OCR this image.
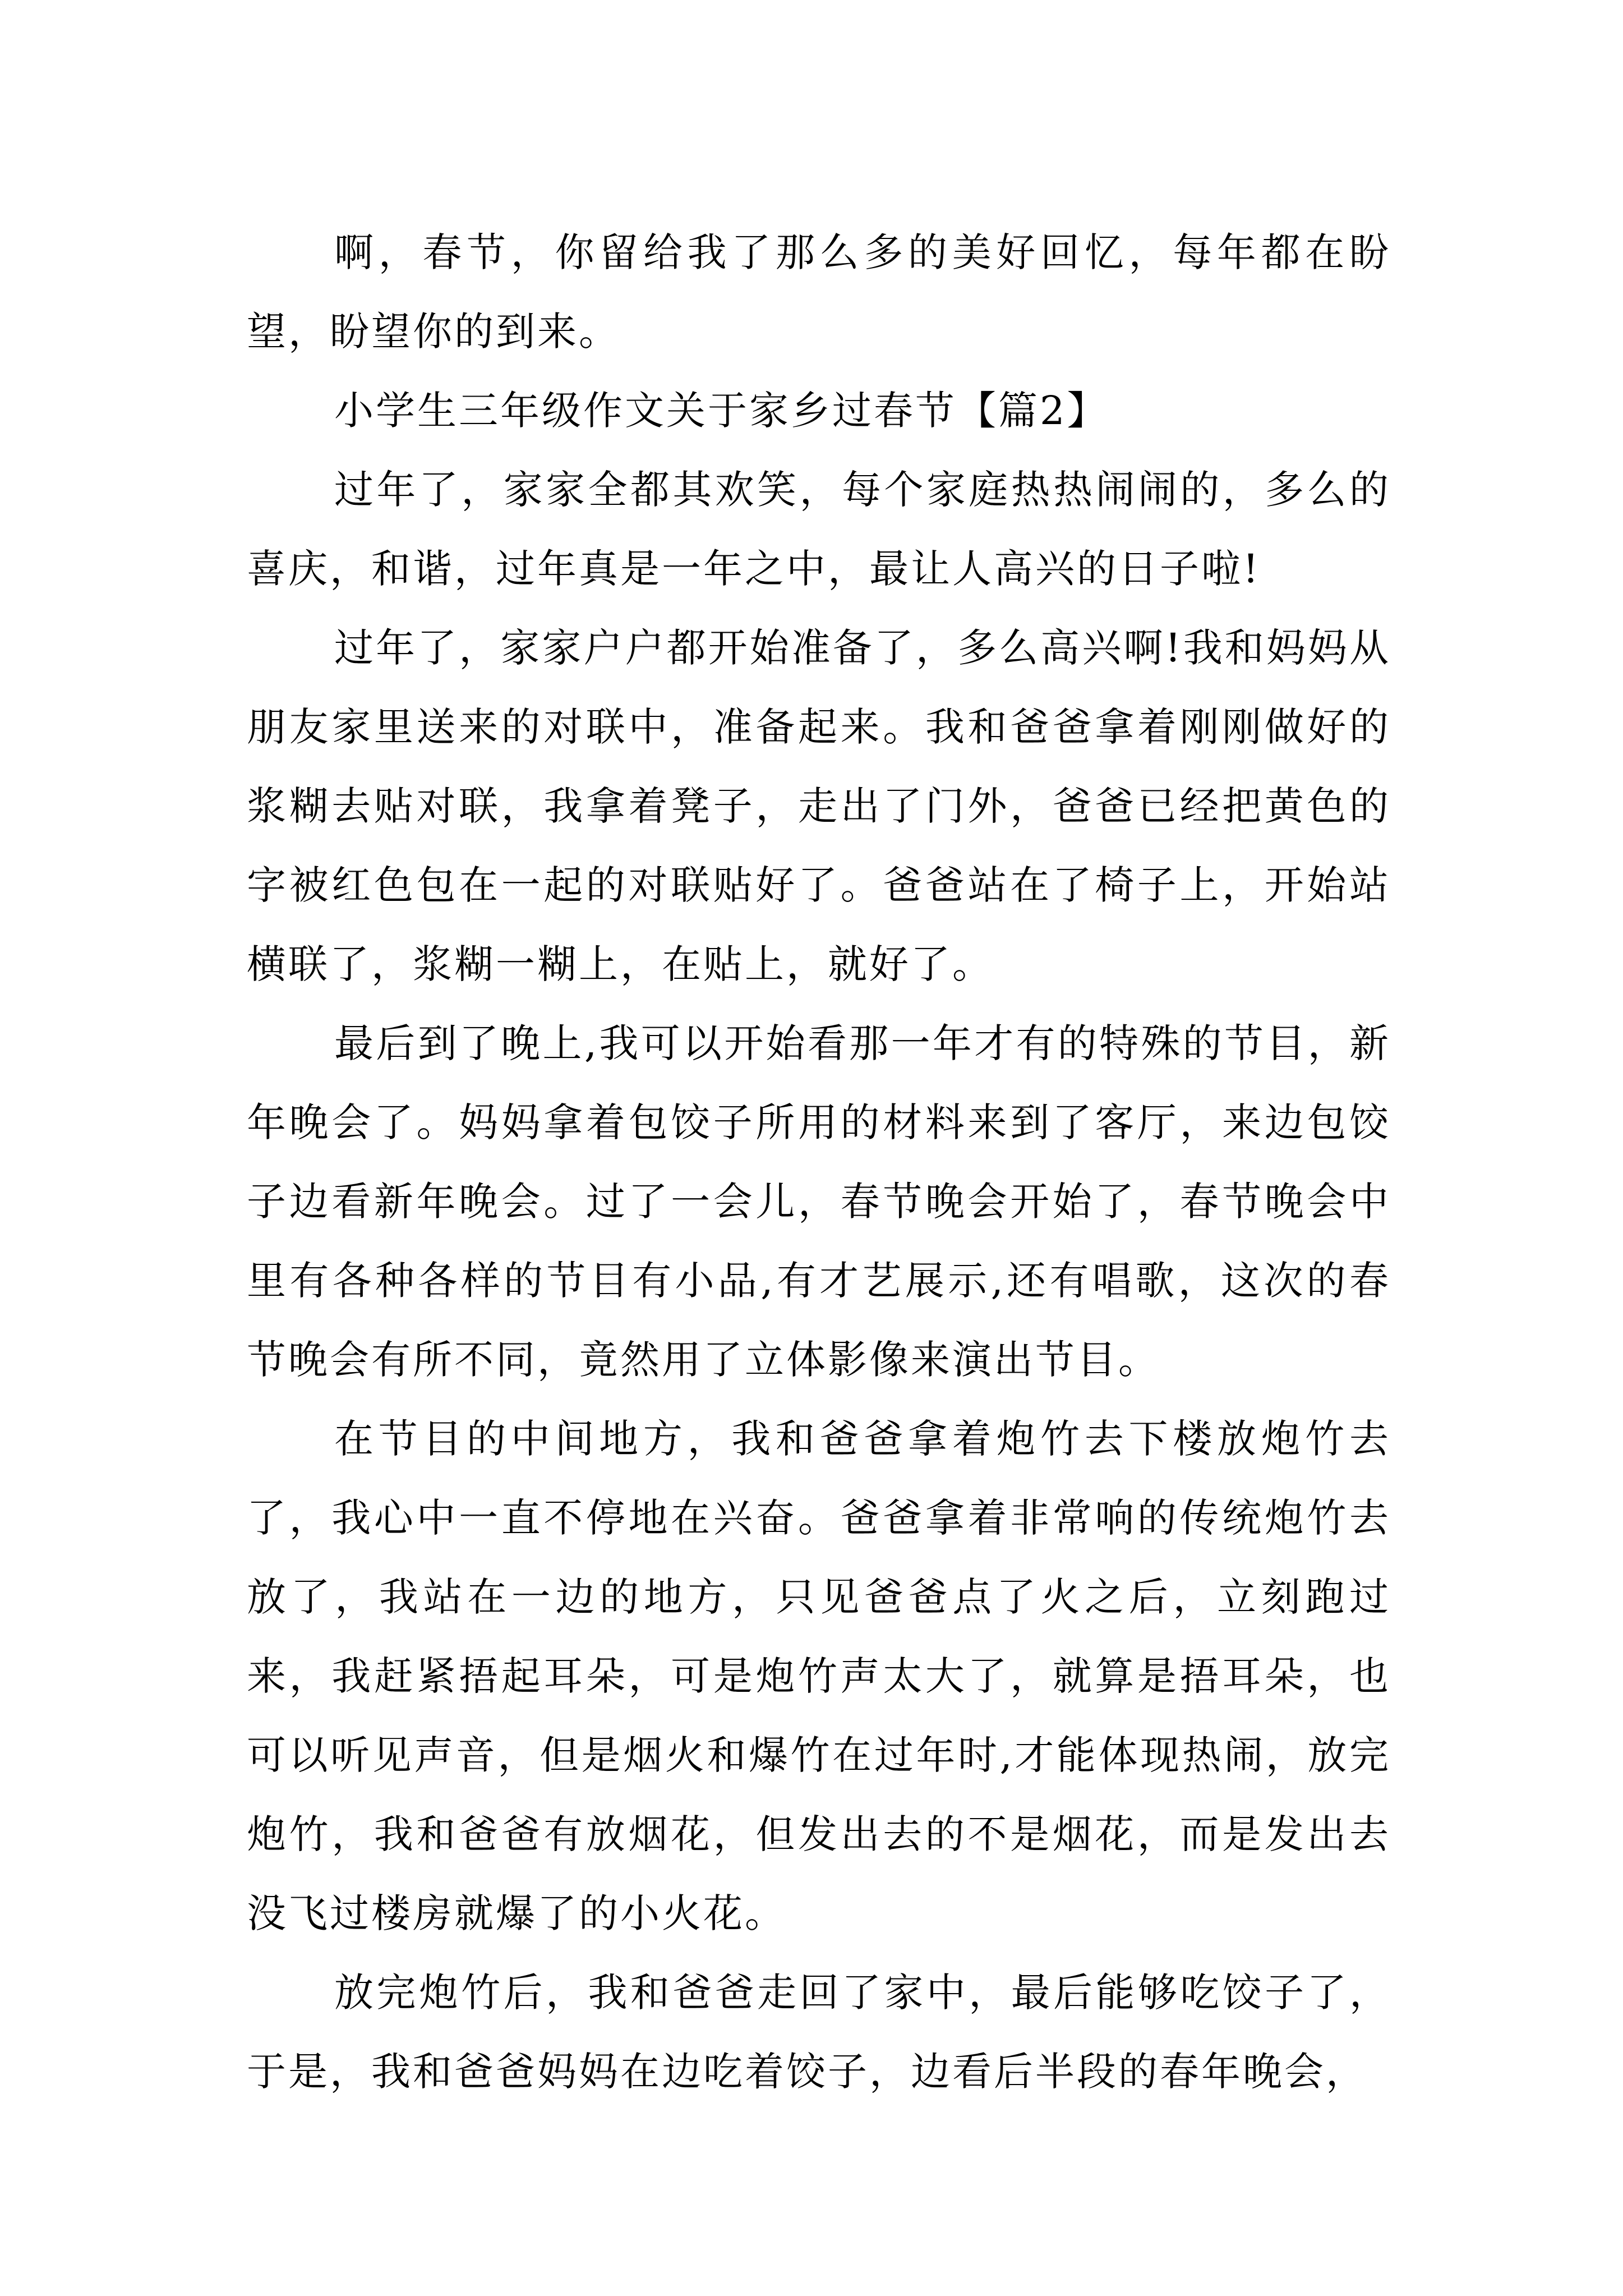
啊，春节，你留给我了那么多的美好回忆，每年都在盼望，盼望你的到来。

小学生三年级作文关于家乡过春节【篇2】

过年了，家家全都其欢笑，每个家庭热热闹闹的，多么的喜庆，和谐，过年真是一年之中，最让人高兴的日子啦!

过年了，家家户户都开始准备了，多么高兴啊!我和妈妈从朋友家里送来的对联中，准备起来。我和爸爸拿着刚刚做好的浆糊去贴对联，我拿着凳子，走出了门外，爸爸已经把黄色的字被红色包在一起的对联贴好了。爸爸站在了椅子上，开始站横联了，浆糊一糊上，在贴上，就好了。

最后到了晚上,我可以开始看那一年才有的特殊的节目，新年晚会了。妈妈拿着包饺子所用的材料来到了客厅，来边包饺子边看新年晚会。过了一会儿，春节晚会开始了，春节晚会中里有各种各样的节目有小品,有才艺展示,还有唱歌，这次的春节晚会有所不同，竟然用了立体影像来演出节目。

在节目的中间地方，我和爸爸拿着炮竹去下楼放炮竹去了，我心中一直不停地在兴奋。爸爸拿着非常响的传统炮竹去放了，我站在一边的地方，只见爸爸点了火之后，立刻跑过来，我赶紧捂起耳朵，可是炮竹声太大了，就算是捂耳朵，也可以听见声音，但是烟火和爆竹在过年时,才能体现热闹，放完炮竹，我和爸爸有放烟花，但发出去的不是烟花，而是发出去没飞过楼房就爆了的小火花。

放完炮竹后，我和爸爸走回了家中，最后能够吃饺子了，于是，我和爸爸妈妈在边吃着饺子，边看后半段的春年晚会，
